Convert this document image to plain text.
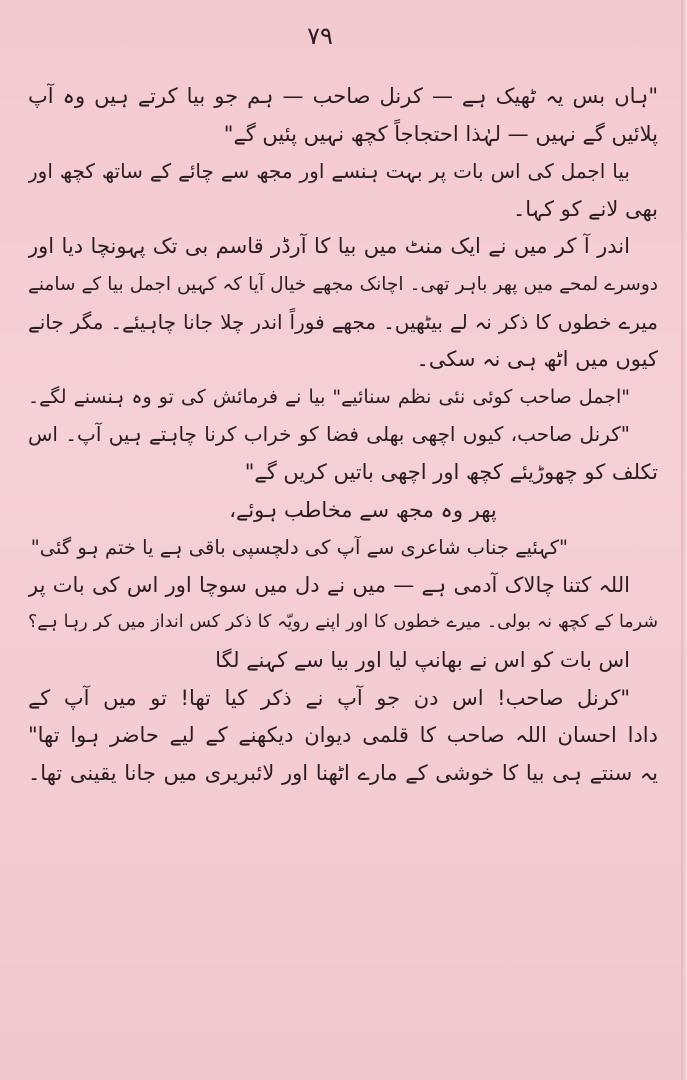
٧٩
"ہاں بس یہ ٹھیک ہے — کرنل صاحب — ہم جو بیا کرتے ہیں وہ آپ
پلائیں گے نہیں — لہٰذا احتجاجاً کچھ نہیں پئیں گے"
بیا اجمل کی اس بات پر بہت ہنسے اور مجھ سے چائے کے ساتھ کچھ اور
بھی لانے کو کہا۔
اندر آ کر میں نے ایک منٹ میں بیا کا آرڈر قاسم بی تک پہونچا دیا اور
دوسرے لمحے میں پھر باہر تھی۔ اچانک مجھے خیال آیا کہ کہیں اجمل بیا کے سامنے
میرے خطوں کا ذکر نہ لے بیٹھیں۔ مجھے فوراً اندر چلا جانا چاہیئے۔ مگر جانے
کیوں میں اٹھ ہی نہ سکی۔
"اجمل صاحب کوئی نئی نظم سنائیے" بیا نے فرمائش کی تو وہ ہنسنے لگے۔
"کرنل صاحب، کیوں اچھی بھلی فضا کو خراب کرنا چاہتے ہیں آپ۔ اس
تکلف کو چھوڑیئے کچھ اور اچھی باتیں کریں گے"
پھر وہ مجھ سے مخاطب ہوئے،
"کہئیے جناب شاعری سے آپ کی دلچسپی باقی ہے یا ختم ہو گئی"
اللہ کتنا چالاک آدمی ہے — میں نے دل میں سوچا اور اس کی بات پر
شرما کے کچھ نہ بولی۔ میرے خطوں کا اور اپنے رویّہ کا ذکر کس انداز میں کر رہا ہے؟
اس بات کو اس نے بھانپ لیا اور بیا سے کہنے لگا
"کرنل صاحب! اس دن جو آپ نے ذکر کیا تھا! تو میں آپ کے
دادا احسان اللہ صاحب کا قلمی دیوان دیکھنے کے لیے حاضر ہوا تھا"
یہ سنتے ہی بیا کا خوشی کے مارے اٹھنا اور لائبریری میں جانا یقینی تھا۔
